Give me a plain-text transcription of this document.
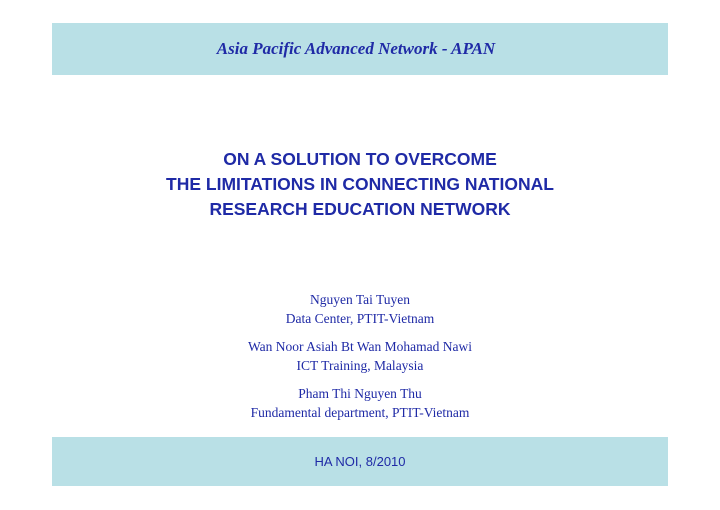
Asia Pacific Advanced Network - APAN
ON A SOLUTION TO OVERCOME
THE LIMITATIONS IN CONNECTING NATIONAL
RESEARCH EDUCATION NETWORK
Nguyen Tai Tuyen
Data Center, PTIT-Vietnam
Wan Noor Asiah Bt Wan Mohamad Nawi
ICT Training, Malaysia
Pham Thi Nguyen Thu
Fundamental department, PTIT-Vietnam
HA NOI, 8/2010
